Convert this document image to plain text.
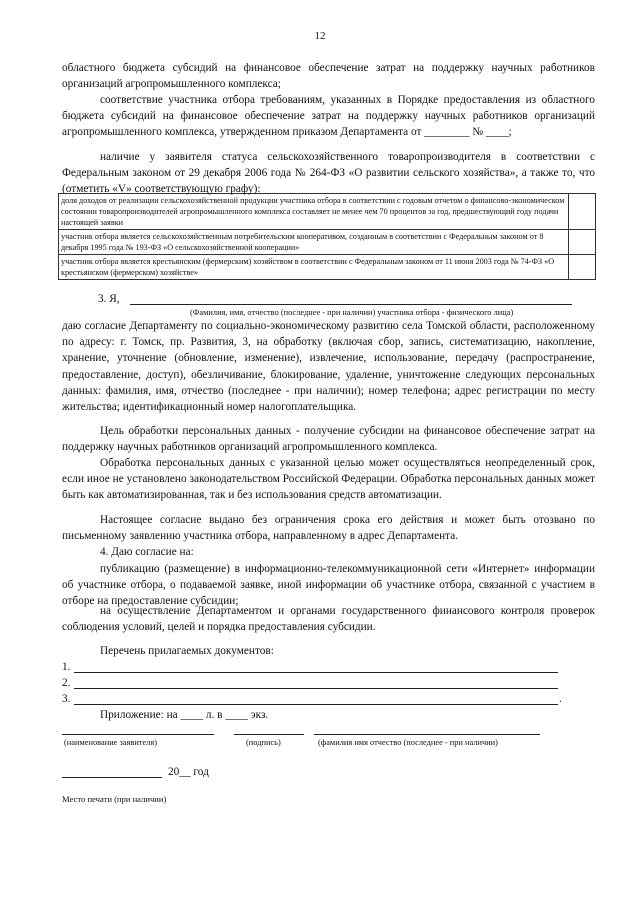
12

областного бюджета субсидий на финансовое обеспечение затрат на поддержку научных работников организаций агропромышленного комплекса;

соответствие участника отбора требованиям, указанных в Порядке предоставления из областного бюджета субсидий на финансовое обеспечение затрат на поддержку научных работников организаций агропромышленного комплекса, утвержденном приказом Департамента от ________ № ____;

наличие у заявителя статуса сельскохозяйственного товаропроизводителя в соответствии с Федеральным законом от 29 декабря 2006 года № 264-ФЗ «О развитии сельского хозяйства», а также то, что (отметить «V» соответствующую графу):

доля доходов от реализации сельскохозяйственной продукции участника отбора в соответствии с годовым отчетом о финансово-экономическом состоянии товаропроизводителей агропромышленного комплекса составляет не менее чем 70 процентов за год, предшествующий году подачи настоящей заявки	
участник отбора является сельскохозяйственным потребительским кооперативом, созданным в соответствии с Федеральным законом от 8 декабря 1995 года № 193-ФЗ «О сельскохозяйственной кооперации»	
участник отбора является крестьянским (фермерским) хозяйством в соответствии с Федеральным законом от 11 июня 2003 года № 74-ФЗ «О крестьянском (фермерском) хозяйстве»	
3. Я,
(Фамилия, имя, отчество (последнее - при наличии) участника отбора - физического лица)

даю согласие Департаменту по социально-экономическому развитию села Томской области, расположенному по адресу: г. Томск, пр. Развития, 3, на обработку (включая сбор, запись, систематизацию, накопление, хранение, уточнение (обновление, изменение), извлечение, использование, передачу (распространение, предоставление, доступ), обезличивание, блокирование, удаление, уничтожение следующих персональных данных: фамилия, имя, отчество (последнее - при наличии); номер телефона; адрес регистрации по месту жительства; идентификационный номер налогоплательщика.

Цель обработки персональных данных - получение субсидии на финансовое обеспечение затрат на поддержку научных работников организаций агропромышленного комплекса.

Обработка персональных данных с указанной целью может осуществляться неопределенный срок, если иное не установлено законодательством Российской Федерации. Обработка персональных данных может быть как автоматизированная, так и без использования средств автоматизации.

Настоящее согласие выдано без ограничения срока его действия и может быть отозвано по письменному заявлению участника отбора, направленному в адрес Департамента.

4. Даю согласие на:

публикацию (размещение) в информационно-телекоммуникационной сети «Интернет» информации об участнике отбора, о подаваемой заявке, иной информации об участнике отбора, связанной с участием в отборе на предоставление субсидии;

на осуществление Департаментом и органами государственного финансового контроля проверок соблюдения условий, целей и порядка предоставления субсидии.

Перечень прилагаемых документов:
1.
2.
3.	.
Приложение: на ____ л. в ____ экз.
(наименование заявителя)	(подпись)	(фамилия имя отчество (последнее - при наличии)
20__ год
Место печати (при наличии)
